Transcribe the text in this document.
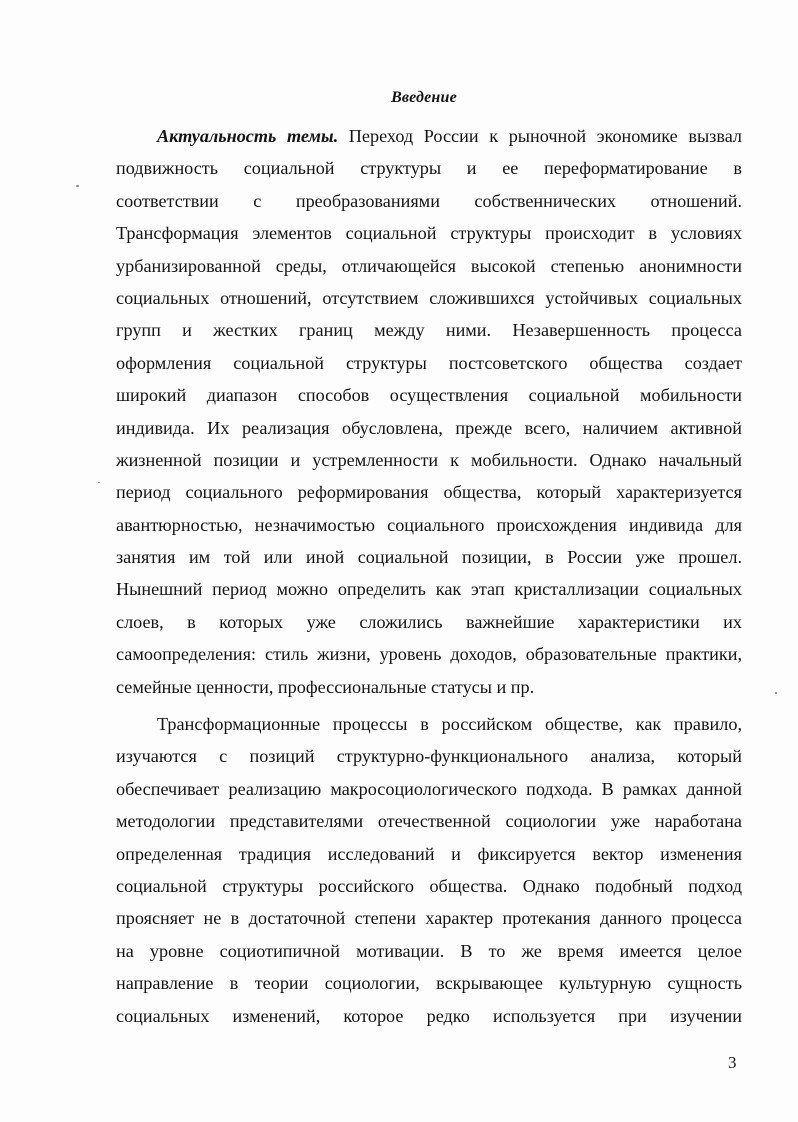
Введение
Актуальность темы. Переход России к рыночной экономике вызвал
подвижность социальной структуры и ее переформатирование в
соответствии с преобразованиями собственнических отношений.
Трансформация элементов социальной структуры происходит в условиях
урбанизированной среды, отличающейся высокой степенью анонимности
социальных отношений, отсутствием сложившихся устойчивых социальных
групп и жестких границ между ними. Незавершенность процесса
оформления социальной структуры постсоветского общества создает
широкий диапазон способов осуществления социальной мобильности
индивида. Их реализация обусловлена, прежде всего, наличием активной
жизненной позиции и устремленности к мобильности. Однако начальный
период социального реформирования общества, который характеризуется
авантюрностью, незначимостью социального происхождения индивида для
занятия им той или иной социальной позиции, в России уже прошел.
Нынешний период можно определить как этап кристаллизации социальных
слоев, в которых уже сложились важнейшие характеристики их
самоопределения: стиль жизни, уровень доходов, образовательные практики,
семейные ценности, профессиональные статусы и пр.
Трансформационные процессы в российском обществе, как правило,
изучаются с позиций структурно-функционального анализа, который
обеспечивает реализацию макросоциологического подхода. В рамках данной
методологии представителями отечественной социологии уже наработана
определенная традиция исследований и фиксируется вектор изменения
социальной структуры российского общества. Однако подобный подход
проясняет не в достаточной степени характер протекания данного процесса
на уровне социотипичной мотивации. В то же время имеется целое
направление в теории социологии, вскрывающее культурную сущность
социальных изменений, которое редко используется при изучении
3
